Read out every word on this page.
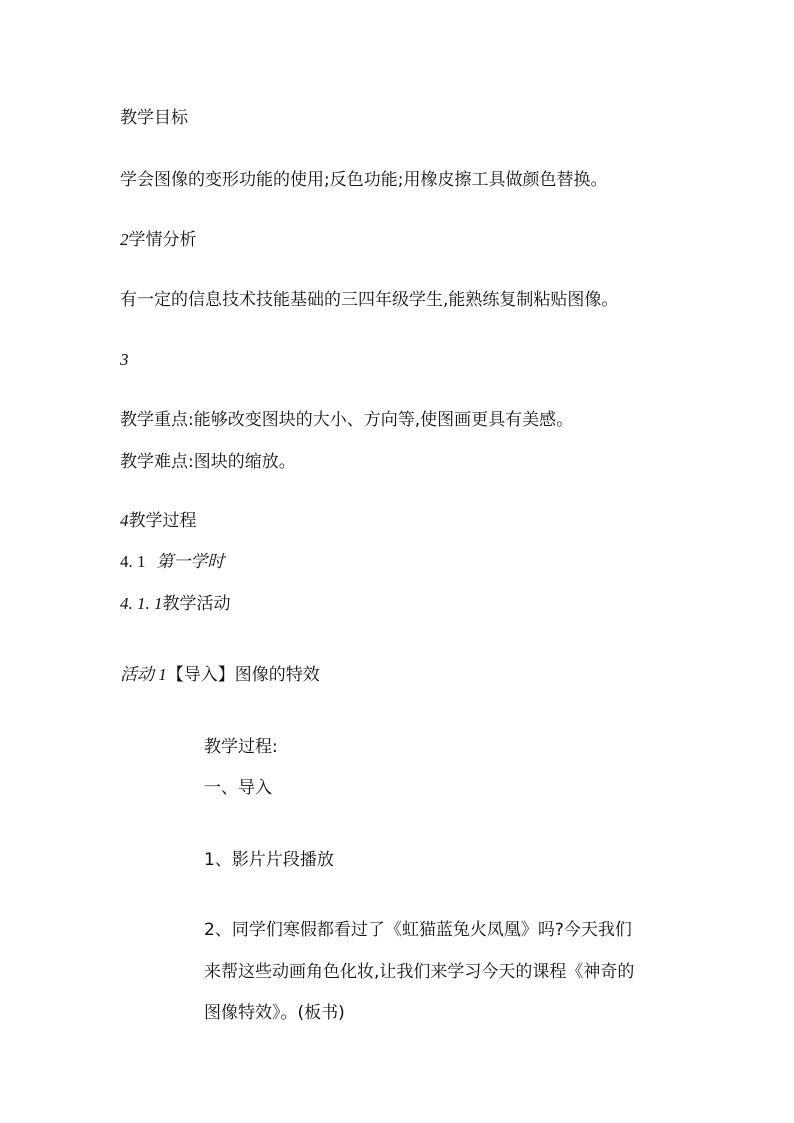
教学目标
学会图像的变形功能的使用;反色功能;用橡皮擦工具做颜色替换。
2学情分析
有一定的信息技术技能基础的三四年级学生,能熟练复制粘贴图像。
3
教学重点:能够改变图块的大小、方向等,使图画更具有美感。
教学难点:图块的缩放。
4教学过程
4. 1 第一学时
4. 1. 1教学活动
活动 1【导入】图像的特效
教学过程:
一、导入
1、影片片段播放
2、同学们寒假都看过了《虹猫蓝兔火凤凰》吗?今天我们
来帮这些动画角色化妆,让我们来学习今天的课程《神奇的
图像特效》。(板书)
